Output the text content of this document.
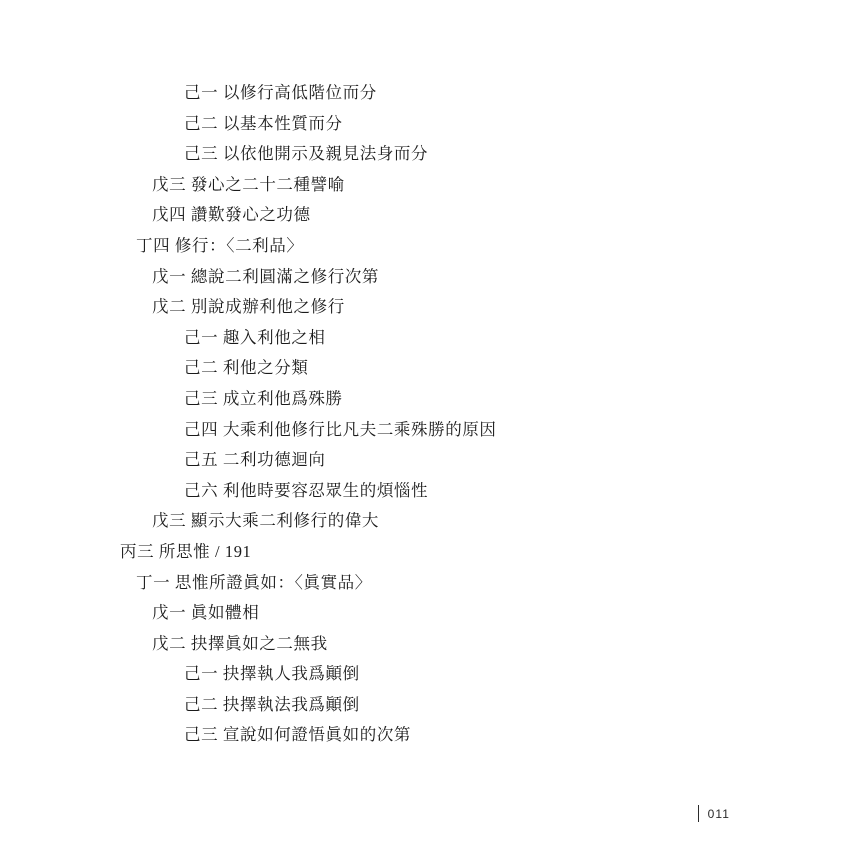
己一 以修行高低階位而分
己二 以基本性質而分
己三 以依他開示及親見法身而分
戊三 發心之二十二種譬喻
戊四 讚歎發心之功德
丁四 修行：〈二利品〉
戊一 總說二利圓滿之修行次第
戊二 別說成辦利他之修行
己一 趣入利他之相
己二 利他之分類
己三 成立利他爲殊勝
己四 大乘利他修行比凡夫二乘殊勝的原因
己五 二利功德迴向
己六 利他時要容忍眾生的煩惱性
戊三 顯示大乘二利修行的偉大
丙三 所思惟 / 191
丁一 思惟所證眞如：〈眞實品〉
戊一 眞如體相
戊二 抉擇眞如之二無我
己一 抉擇執人我爲顚倒
己二 抉擇執法我爲顚倒
己三 宣說如何證悟眞如的次第
011
